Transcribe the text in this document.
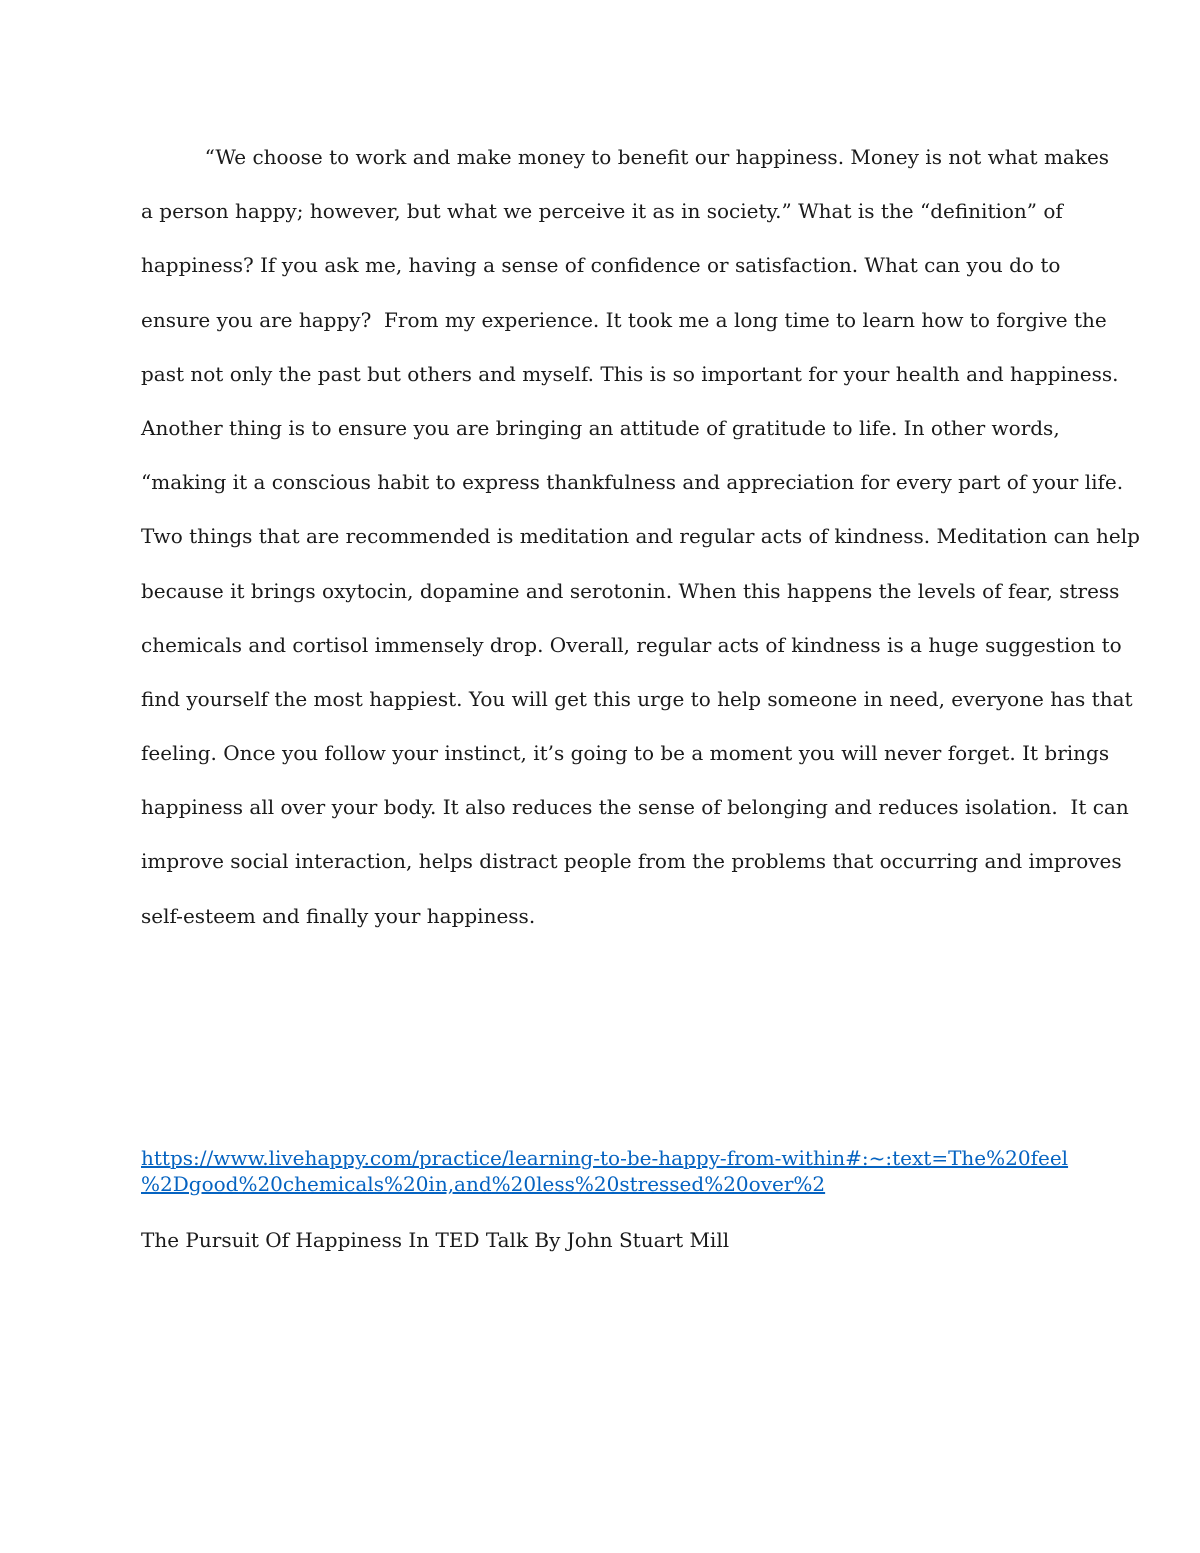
“We choose to work and make money to benefit our happiness. Money is not what makes
a person happy; however, but what we perceive it as in society.” What is the “definition” of
happiness? If you ask me, having a sense of confidence or satisfaction. What can you do to
ensure you are happy?  From my experience. It took me a long time to learn how to forgive the
past not only the past but others and myself. This is so important for your health and happiness.
Another thing is to ensure you are bringing an attitude of gratitude to life. In other words,
“making it a conscious habit to express thankfulness and appreciation for every part of your life.
Two things that are recommended is meditation and regular acts of kindness. Meditation can help
because it brings oxytocin, dopamine and serotonin. When this happens the levels of fear, stress
chemicals and cortisol immensely drop. Overall, regular acts of kindness is a huge suggestion to
find yourself the most happiest. You will get this urge to help someone in need, everyone has that
feeling. Once you follow your instinct, it’s going to be a moment you will never forget. It brings
happiness all over your body. It also reduces the sense of belonging and reduces isolation.  It can
improve social interaction, helps distract people from the problems that occurring and improves
self-esteem and finally your happiness.
https://www.livehappy.com/practice/learning-to-be-happy-from-within#:~:text=The%20feel
%2Dgood%20chemicals%20in,and%20less%20stressed%20over%2
The Pursuit Of Happiness In TED Talk By John Stuart Mill
